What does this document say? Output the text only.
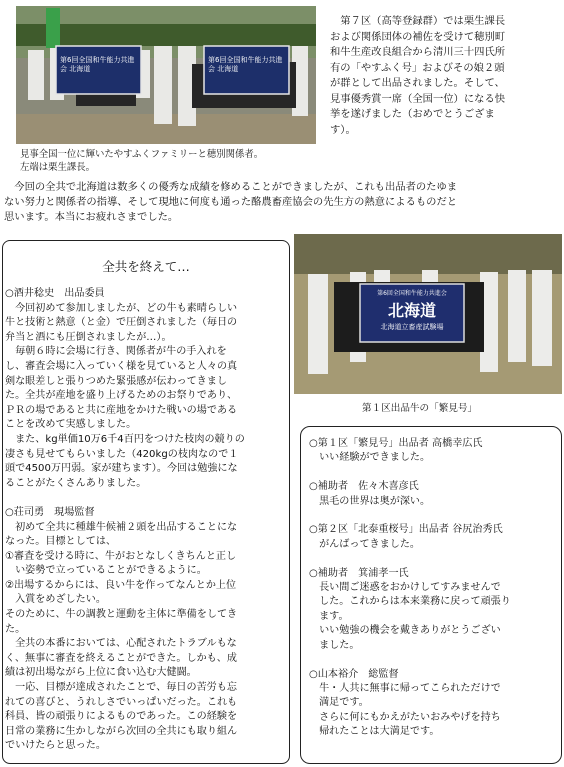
第6回全国和牛能力共進会 北海道
第6回全国和牛能力共進会 北海道
　第７区（高等登録群）では栗生課長
および関係団体の補佐を受けて穂別町
和牛生産改良組合から清川三十四氏所
有の「やすふく号」およびその娘２頭
が群として出品されました。そして、
見事優秀賞一席（全国一位）になる快
挙を遂げました（おめでとうござま
す）。
見事全国一位に輝いたやすふくファミリーと穂別関係者。
左端は栗生課長。
　今回の全共で北海道は数多くの優秀な成績を修めることができましたが、これも出品者のたゆま
ない努力と関係者の指導、そして現地に何度も通った酪農畜産協会の先生方の熱意によるものだと
思います。本当にお疲れさまでした。
全共を終えて…
○酒井稔史　出品委員
　今回初めて参加しましたが、どの牛も素晴らしい
牛と技術と熱意（と金）で圧倒されました（毎日の
弁当と酒にも圧倒されましたが…）。
　毎朝６時に会場に行き、関係者が牛の手入れを
し、審査会場に入っていく様を見ていると人々の真
剣な眼差しと張りつめた緊張感が伝わってきまし
た。全共が産地を盛り上げるためのお祭りであり、
ＰＲの場であると共に産地をかけた戦いの場である
ことを改めて実感しました。
　また、kg単価10万6千4百円をつけた枝肉の競りの
凄さも見せてもらいました（420kgの枝肉なので１
頭で4500万円弱。家が建ちます）。今回は勉強にな
ることがたくさんありました。

○荘司勇　現場監督
　初めて全共に種雄牛候補２頭を出品することにな
なった。目標としては、
①審査を受ける時に、牛がおとなしくきちんと正し
　い姿勢で立っていることができるように。
②出場するからには、良い牛を作ってなんとか上位
　入賞をめざしたい。
そのために、牛の調教と運動を主体に準備をしてき
た。
　全共の本番においては、心配されたトラブルもな
く、無事に審査を終えることができた。しかも、成
績は初出場ながら上位に食い込む大健闘。
　一応、目標が達成されたことで、毎日の苦労も忘
れての喜びと、うれしさでいっぱいだった。これも
科員、皆の頑張りによるものであった。この経験を
日常の業務に生かしながら次回の全共にも取り組ん
でいけたらと思った。
第6回全国和牛能力共進会
北海道
北海道立畜産試験場
第１区出品牛の「繁見号」
○第１区「繁見号」出品者 高橋幸広氏
　いい経験ができました。

○補助者　佐々木喜彦氏
　黒毛の世界は奥が深い。

○第２区「北泰重桜号」出品者 谷尻治秀氏
　がんばってきました。

○補助者　箕浦孝一氏
　長い間ご迷惑をおかけしてすみませんで
　した。これからは本来業務に戻って頑張り
　ます。
　いい勉強の機会を戴きありがとうござい
　ました。

○山本裕介　総監督
　牛・人共に無事に帰ってこられただけで
　満足です。
　さらに何にもかえがたいおみやげを持ち
　帰れたことは大満足です。
